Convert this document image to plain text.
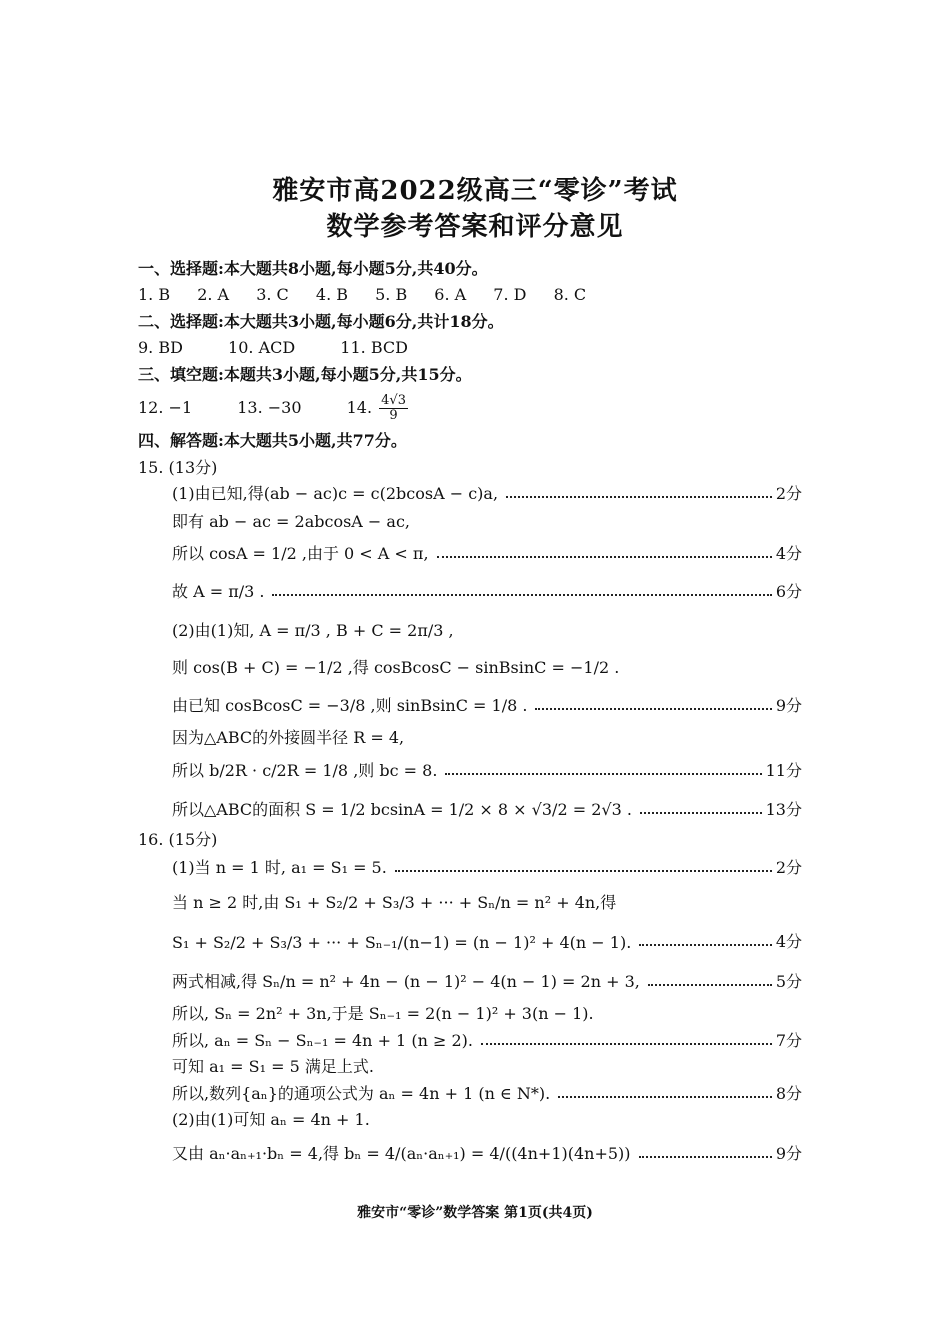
雅安市高2022级高三“零诊”考试
数学参考答案和评分意见
一、选择题:本大题共8小题,每小题5分,共40分。
1. B 2. A 3. C 4. B 5. B 6. A 7. D 8. C
二、选择题:本大题共3小题,每小题6分,共计18分。
9. BD	10. ACD	11. BCD
三、填空题:本题共3小题,每小题5分,共15分。
12. −1	13. −30	14. $\frac{4√3}{9}$
四、解答题:本大题共5小题,共77分。
15. (13分)
(1)由已知,得(ab − ac)c = c(2bcosA − c)a,	2分
即有 ab − ac = 2abcosA − ac,
所以 cosA = 1/2 ,由于 0 < A < π,	4分
故 A = π/3 .	6分
(2)由(1)知, A = π/3 , B + C = 2π/3 ,
则 cos(B + C) = −1/2 ,得 cosBcosC − sinBsinC = −1/2 .
由已知 cosBcosC = −3/8 ,则 sinBsinC = 1/8 .	9分
因为△ABC的外接圆半径 R = 4,
所以 b/2R · c/2R = 1/8 ,则 bc = 8.	11分
所以△ABC的面积 S = 1/2 bcsinA = 1/2 × 8 × √3/2 = 2√3 .	13分
16. (15分)
(1)当 n = 1 时, a₁ = S₁ = 5.	2分
当 n ≥ 2 时,由 S₁ + S₂/2 + S₃/3 + ··· + Sₙ/n = n² + 4n,得
S₁ + S₂/2 + S₃/3 + ··· + Sₙ₋₁/(n−1) = (n − 1)² + 4(n − 1).	4分
两式相减,得 Sₙ/n = n² + 4n − (n − 1)² − 4(n − 1) = 2n + 3,	5分
所以, Sₙ = 2n² + 3n,于是 Sₙ₋₁ = 2(n − 1)² + 3(n − 1).
所以, aₙ = Sₙ − Sₙ₋₁ = 4n + 1 (n ≥ 2).	7分
可知 a₁ = S₁ = 5 满足上式.
所以,数列{aₙ}的通项公式为 aₙ = 4n + 1 (n ∈ N*).	8分
(2)由(1)可知 aₙ = 4n + 1.
又由 aₙ·aₙ₊₁·bₙ = 4,得 bₙ = 4/(aₙ·aₙ₊₁) = 4/((4n+1)(4n+5))	9分
雅安市“零诊”数学答案 第1页(共4页)
